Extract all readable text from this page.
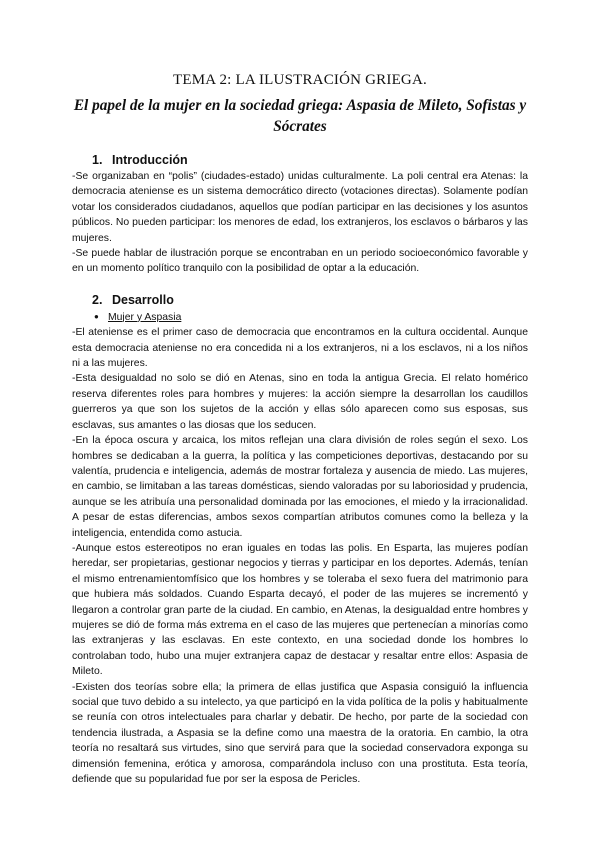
TEMA 2: LA ILUSTRACIÓN GRIEGA.
El papel de la mujer en la sociedad griega: Aspasia de Mileto, Sofistas y Sócrates
1. Introducción

-Se organizaban en “polis” (ciudades-estado) unidas culturalmente. La poli central era Atenas: la democracia ateniense es un sistema democrático directo (votaciones directas). Solamente podían votar los considerados ciudadanos, aquellos que podían participar en las decisiones y los asuntos públicos. No pueden participar: los menores de edad, los extranjeros, los esclavos o bárbaros y las mujeres.

-Se puede hablar de ilustración porque se encontraban en un periodo socioeconómico favorable y en un momento político tranquilo con la posibilidad de optar a la educación.

2. Desarrollo
● Mujer y Aspasia

-El ateniense es el primer caso de democracia que encontramos en la cultura occidental. Aunque esta democracia ateniense no era concedida ni a los extranjeros, ni a los esclavos, ni a los niños ni a las mujeres.

-Esta desigualdad no solo se dió en Atenas, sino en toda la antigua Grecia. El relato homérico reserva diferentes roles para hombres y mujeres: la acción siempre la desarrollan los caudillos guerreros ya que son los sujetos de la acción y ellas sólo aparecen como sus esposas, sus esclavas, sus amantes o las diosas que los seducen.

-En la época oscura y arcaica, los mitos reflejan una clara división de roles según el sexo. Los hombres se dedicaban a la guerra, la política y las competiciones deportivas, destacando por su valentía, prudencia e inteligencia, además de mostrar fortaleza y ausencia de miedo. Las mujeres, en cambio, se limitaban a las tareas domésticas, siendo valoradas por su laboriosidad y prudencia, aunque se les atribuía una personalidad dominada por las emociones, el miedo y la irracionalidad. A pesar de estas diferencias, ambos sexos compartían atributos comunes como la belleza y la inteligencia, entendida como astucia.

-Aunque estos estereotipos no eran iguales en todas las polis. En Esparta, las mujeres podían heredar, ser propietarias, gestionar negocios y tierras y participar en los deportes. Además, tenían el mismo entrenamientomfísico que los hombres y se toleraba el sexo fuera del matrimonio para que hubiera más soldados. Cuando Esparta decayó, el poder de las mujeres se incrementó y llegaron a controlar gran parte de la ciudad. En cambio, en Atenas, la desigualdad entre hombres y mujeres se dió de forma más extrema en el caso de las mujeres que pertenecían a minorías como las extranjeras y las esclavas. En este contexto, en una sociedad donde los hombres lo controlaban todo, hubo una mujer extranjera capaz de destacar y resaltar entre ellos: Aspasia de Mileto.

-Existen dos teorías sobre ella; la primera de ellas justifica que Aspasia consiguió la influencia social que tuvo debido a su intelecto, ya que participó en la vida política de la polis y habitualmente se reunía con otros intelectuales para charlar y debatir. De hecho, por parte de la sociedad con tendencia ilustrada, a Aspasia se la define como una maestra de la oratoria. En cambio, la otra teoría no resaltará sus virtudes, sino que servirá para que la sociedad conservadora exponga su dimensión femenina, erótica y amorosa, comparándola incluso con una prostituta. Esta teoría, defiende que su popularidad fue por ser la esposa de Pericles.
